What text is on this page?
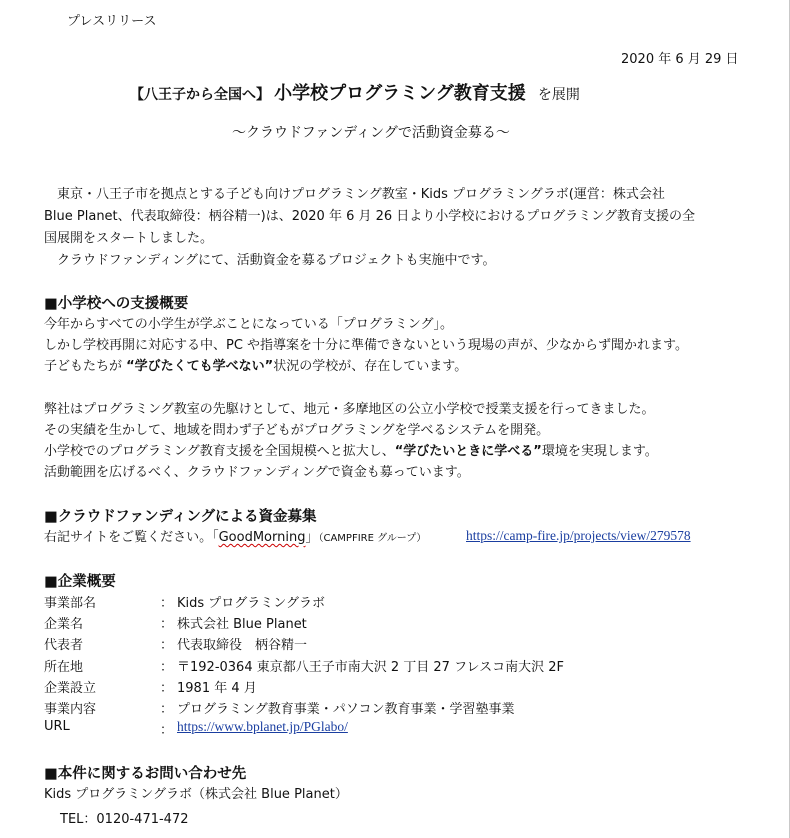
プレスリリース
2020 年 6 月 29 日
【八王子から全国へ】 小学校プログラミング教育支援 を展開
～クラウドファンディングで活動資金募る～
　東京・八王子市を拠点とする子ども向けプログラミング教室・Kids プログラミングラボ(運営：株式会社
Blue Planet、代表取締役：柄谷精一)は、2020 年 6 月 26 日より小学校におけるプログラミング教育支援の全
国展開をスタートしました。
　クラウドファンディングにて、活動資金を募るプロジェクトも実施中です。
■小学校への支援概要
今年からすべての小学生が学ぶことになっている「プログラミング」。
しかし学校再開に対応する中、PC や指導案を十分に準備できないという現場の声が、少なからず聞かれます。
子どもたちが “学びたくても学べない”状況の学校が、存在しています。
弊社はプログラミング教室の先駆けとして、地元・多摩地区の公立小学校で授業支援を行ってきました。
その実績を生かして、地域を問わず子どもがプログラミングを学べるシステムを開発。
小学校でのプログラミング教育支援を全国規模へと拡大し、“学びたいときに学べる”環境を実現します。
活動範囲を広げるべく、クラウドファンディングで資金も募っています。
■クラウドファンディングによる資金募集
右記サイトをご覧ください。「GoodMorning」（CAMPFIRE グループ）	https://camp-fire.jp/projects/view/279578
■企業概要
事業部名	： Kids プログラミングラボ
企業名	： 株式会社 Blue Planet
代表者	： 代表取締役　柄谷精一
所在地	： 〒192-0364 東京都八王子市南大沢 2 丁目 27 フレスコ南大沢 2F
企業設立	： 1981 年 4 月
事業内容	： プログラミング教育事業・パソコン教育事業・学習塾事業
URL	： https://www.bplanet.jp/PGlabo/
■本件に関するお問い合わせ先
Kids プログラミングラボ（株式会社 Blue Planet）
TEL：0120-471-472
